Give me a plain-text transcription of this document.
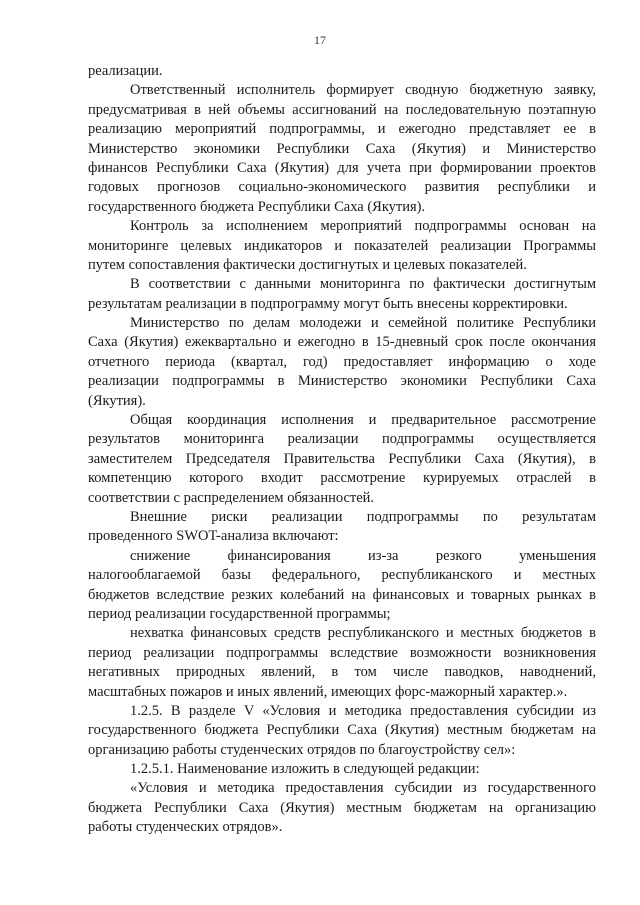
17
реализации.
Ответственный исполнитель формирует сводную бюджетную заявку,
предусматривая в ней объемы ассигнований на последовательную поэтапную
реализацию мероприятий подпрограммы, и ежегодно представляет ее в
Министерство экономики Республики Саха (Якутия) и Министерство
финансов Республики Саха (Якутия) для учета при формировании проектов
годовых прогнозов социально-экономического развития республики и
государственного бюджета Республики Саха (Якутия).
Контроль за исполнением мероприятий подпрограммы основан на
мониторинге целевых индикаторов и показателей реализации Программы
путем сопоставления фактически достигнутых и целевых показателей.
В соответствии с данными мониторинга по фактически достигнутым
результатам реализации в подпрограмму могут быть внесены корректировки.
Министерство по делам молодежи и семейной политике Республики
Саха (Якутия) ежеквартально и ежегодно в 15-дневный срок после окончания
отчетного периода (квартал, год) предоставляет информацию о ходе
реализации подпрограммы в Министерство экономики Республики Саха
(Якутия).
Общая координация исполнения и предварительное рассмотрение
результатов мониторинга реализации подпрограммы осуществляется
заместителем Председателя Правительства Республики Саха (Якутия), в
компетенцию которого входит рассмотрение курируемых отраслей в
соответствии с распределением обязанностей.
Внешние риски реализации подпрограммы по результатам
проведенного SWOT-анализа включают:
снижение финансирования из-за резкого уменьшения
налогооблагаемой базы федерального, республиканского и местных
бюджетов вследствие резких колебаний на финансовых и товарных рынках в
период реализации государственной программы;
нехватка финансовых средств республиканского и местных бюджетов в
период реализации подпрограммы вследствие возможности возникновения
негативных природных явлений, в том числе паводков, наводнений,
масштабных пожаров и иных явлений, имеющих форс-мажорный характер.».
1.2.5. В разделе V «Условия и методика предоставления субсидии из
государственного бюджета Республики Саха (Якутия) местным бюджетам на
организацию работы студенческих отрядов по благоустройству сел»:
1.2.5.1. Наименование изложить в следующей редакции:
«Условия и методика предоставления субсидии из государственного
бюджета Республики Саха (Якутия) местным бюджетам на организацию
работы студенческих отрядов».
